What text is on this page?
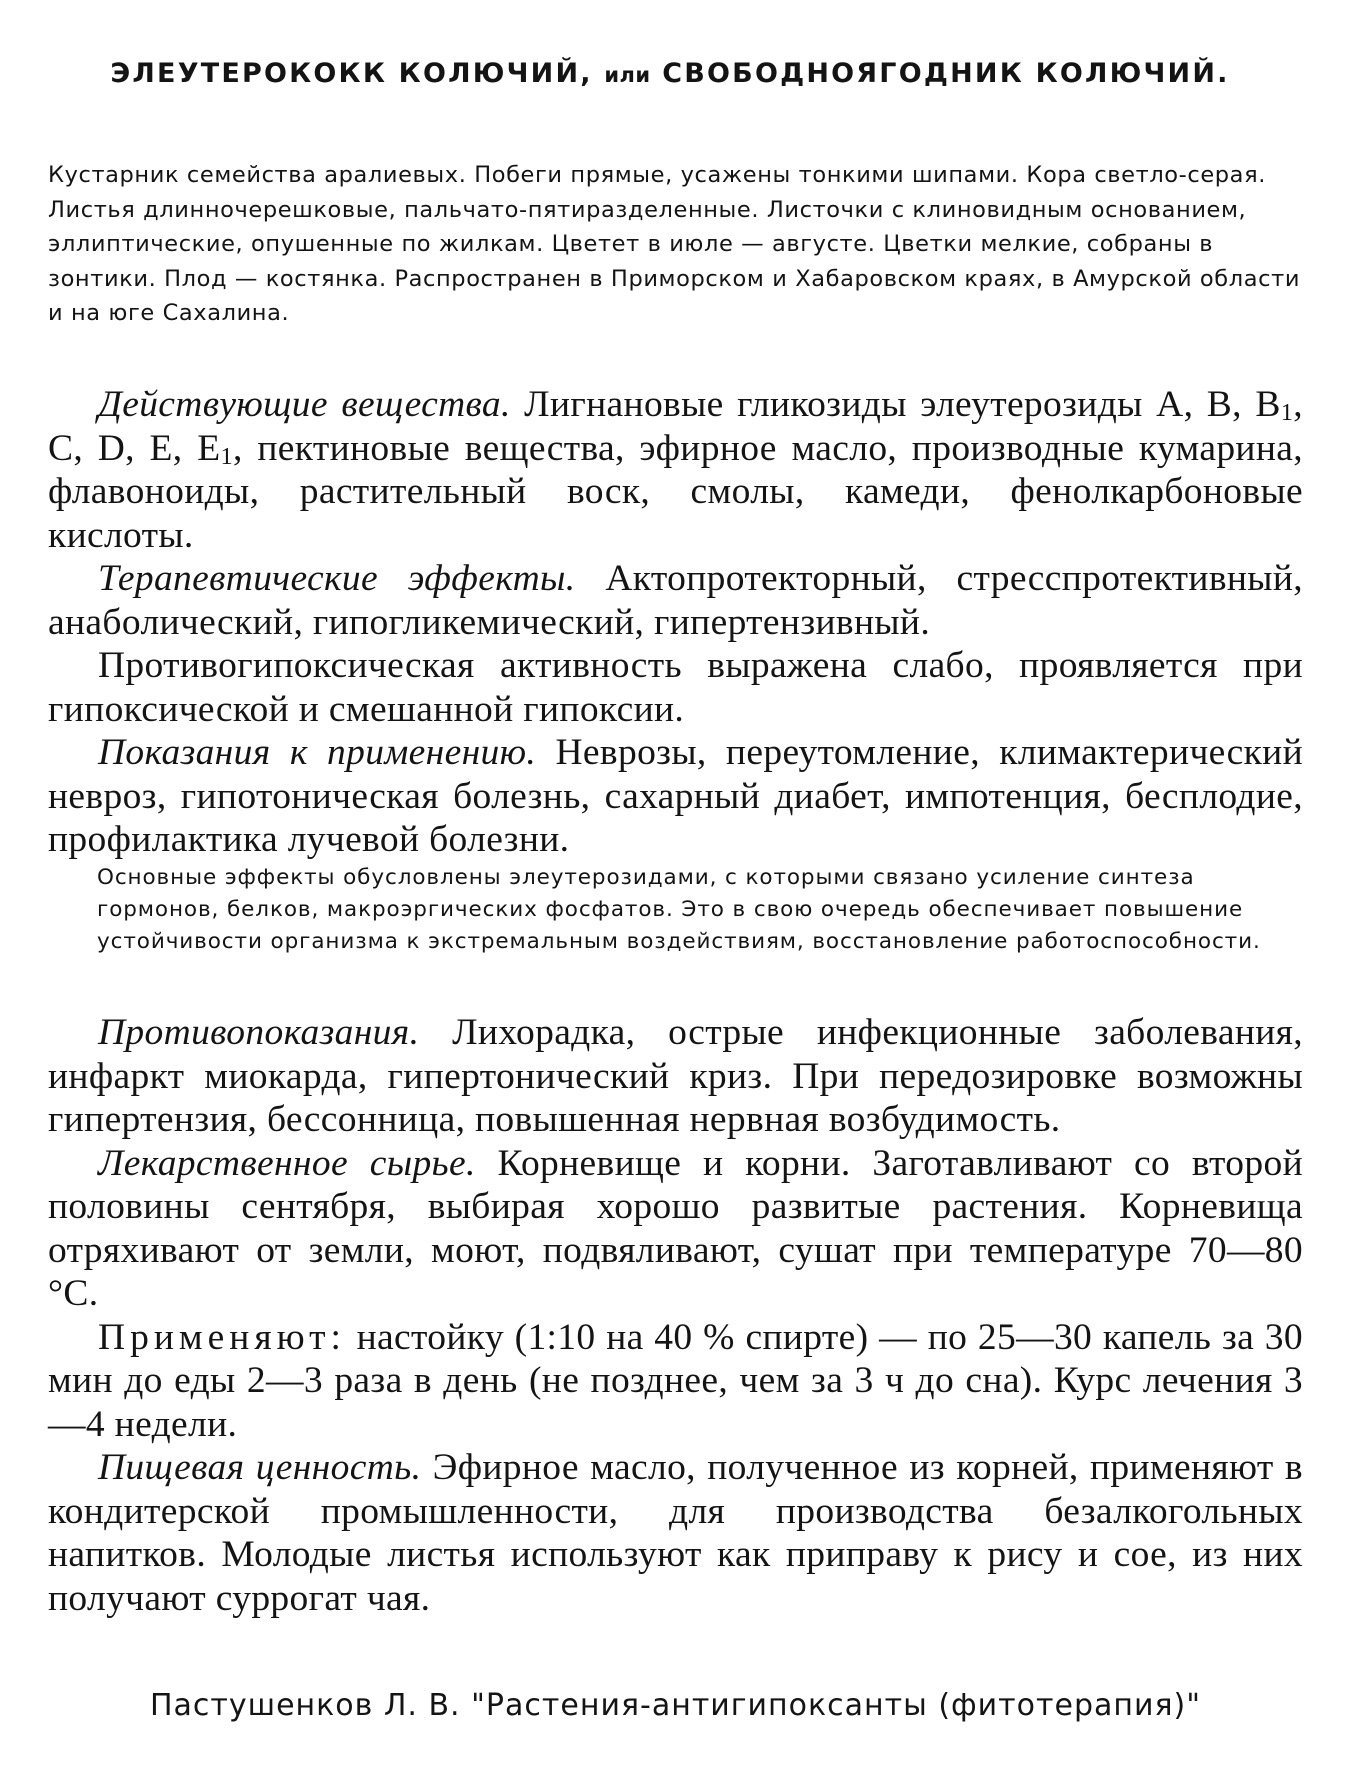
ЭЛЕУТЕРОКОКК КОЛЮЧИЙ, или СВОБОДНОЯГОДНИК КОЛЮЧИЙ.

Кустарник семейства аралиевых. Побеги прямые, усажены тонкими шипами. Кора светло-серая. Листья длинночерешковые, пальчато-пятиразделенные. Листочки с клиновидным основанием, эллиптические, опушенные по жилкам. Цветет в июле — августе. Цветки мелкие, собраны в зонтики. Плод — костянка. Распространен в Приморском и Хабаровском краях, в Амурской области и на юге Сахалина.

Действующие вещества. Лигнановые гликозиды элеутерозиды А, В, $В_1$, С, D, Е, $Е_1$, пектиновые вещества, эфирное масло, производные кумарина, флавоноиды, растительный воск, смолы, камеди, фенолкарбоновые кислоты.

Терапевтические эффекты. Актопротекторный, стресспротективный, анаболический, гипогликемический, гипертензивный.

Противогипоксическая активность выражена слабо, проявляется при гипоксической и смешанной гипоксии.

Показания к применению. Неврозы, переутомление, климактерический невроз, гипотоническая болезнь, сахарный диабет, импотенция, бесплодие, профилактика лучевой болезни.

Основные эффекты обусловлены элеутерозидами, с которыми связано усиление синтеза гормонов, белков, макроэргических фосфатов. Это в свою очередь обеспечивает повышение устойчивости организма к экстремальным воздействиям, восстановление работоспособности.

Противопоказания. Лихорадка, острые инфекционные заболевания, инфаркт миокарда, гипертонический криз. При передозировке возможны гипертензия, бессонница, повышенная нервная возбудимость.

Лекарственное сырье. Корневище и корни. Заготавливают со второй половины сентября, выбирая хорошо развитые растения. Корневища отряхивают от земли, моют, подвяливают, сушат при температуре 70—80 °С.

Применяют: настойку (1:10 на 40 % спирте) — по 25—30 капель за 30 мин до еды 2—3 раза в день (не позднее, чем за 3 ч до сна). Курс лечения 3—4 недели.

Пищевая ценность. Эфирное масло, полученное из корней, применяют в кондитерской промышленности, для производства безалкогольных напитков. Молодые листья используют как приправу к рису и сое, из них получают суррогат чая.

Пастушенков Л. В. "Растения-антигипоксанты (фитотерапия)"
